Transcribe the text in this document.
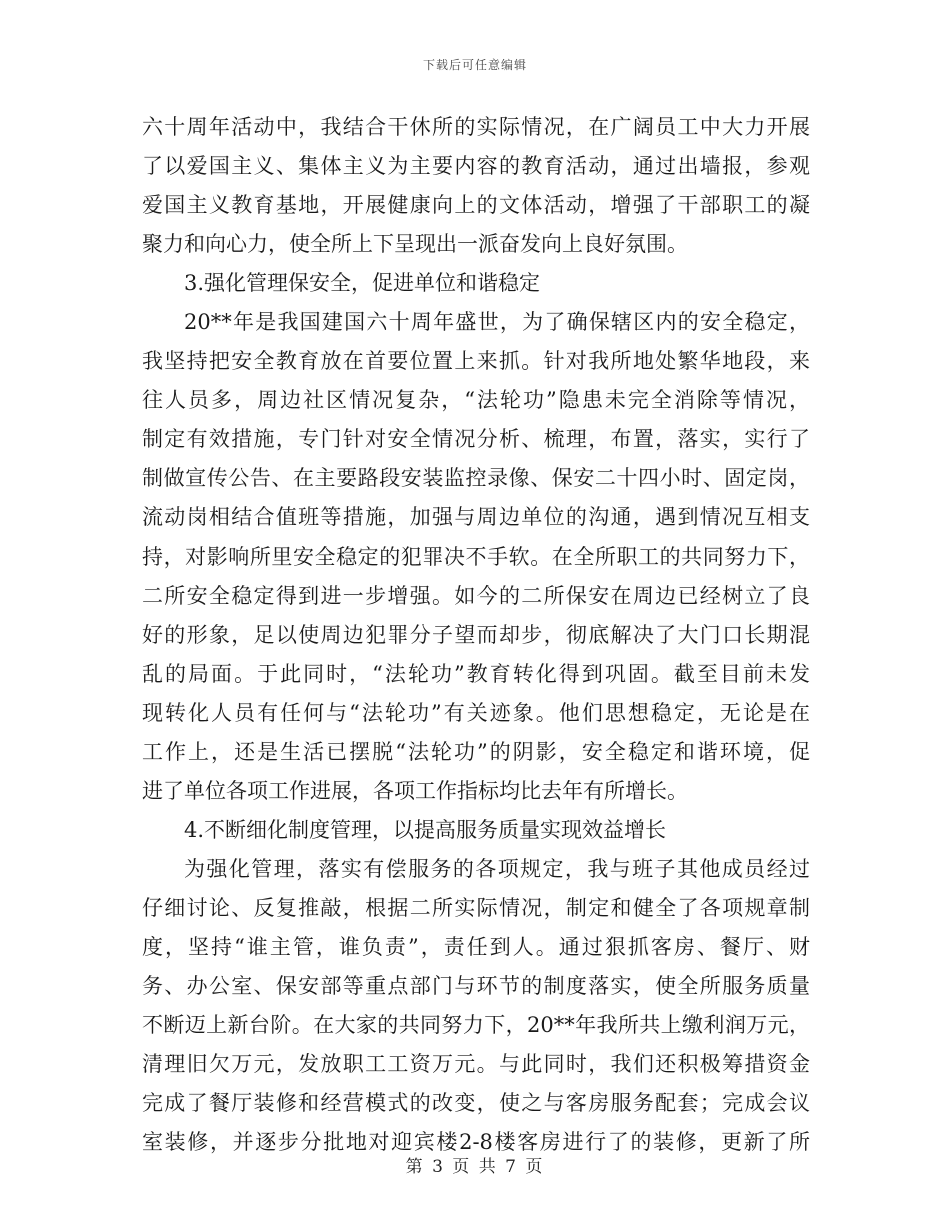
下载后可任意编辑
六十周年活动中，我结合干休所的实际情况，在广阔员工中大力开展
了以爱国主义、集体主义为主要内容的教育活动，通过出墙报，参观
爱国主义教育基地，开展健康向上的文体活动，增强了干部职工的凝
聚力和向心力，使全所上下呈现出一派奋发向上良好氛围。
3.强化管理保安全，促进单位和谐稳定
20**年是我国建国六十周年盛世，为了确保辖区内的安全稳定，
我坚持把安全教育放在首要位置上来抓。针对我所地处繁华地段，来
往人员多，周边社区情况复杂，“法轮功”隐患未完全消除等情况，
制定有效措施，专门针对安全情况分析、梳理，布置，落实，实行了
制做宣传公告、在主要路段安装监控录像、保安二十四小时、固定岗，
流动岗相结合值班等措施，加强与周边单位的沟通，遇到情况互相支
持，对影响所里安全稳定的犯罪决不手软。在全所职工的共同努力下，
二所安全稳定得到进一步增强。如今的二所保安在周边已经树立了良
好的形象，足以使周边犯罪分子望而却步，彻底解决了大门口长期混
乱的局面。于此同时，“法轮功”教育转化得到巩固。截至目前未发
现转化人员有任何与“法轮功”有关迹象。他们思想稳定，无论是在
工作上，还是生活已摆脱“法轮功”的阴影，安全稳定和谐环境，促
进了单位各项工作进展，各项工作指标均比去年有所增长。
4.不断细化制度管理，以提高服务质量实现效益增长
为强化管理，落实有偿服务的各项规定，我与班子其他成员经过
仔细讨论、反复推敲，根据二所实际情况，制定和健全了各项规章制
度，坚持“谁主管，谁负责”，责任到人。通过狠抓客房、餐厅、财
务、办公室、保安部等重点部门与环节的制度落实，使全所服务质量
不断迈上新台阶。在大家的共同努力下，20**年我所共上缴利润万元，
清理旧欠万元，发放职工工资万元。与此同时，我们还积极筹措资金
完成了餐厅装修和经营模式的改变，使之与客房服务配套；完成会议
室装修，并逐步分批地对迎宾楼2-8楼客房进行了的装修，更新了所
第 3 页 共 7 页
